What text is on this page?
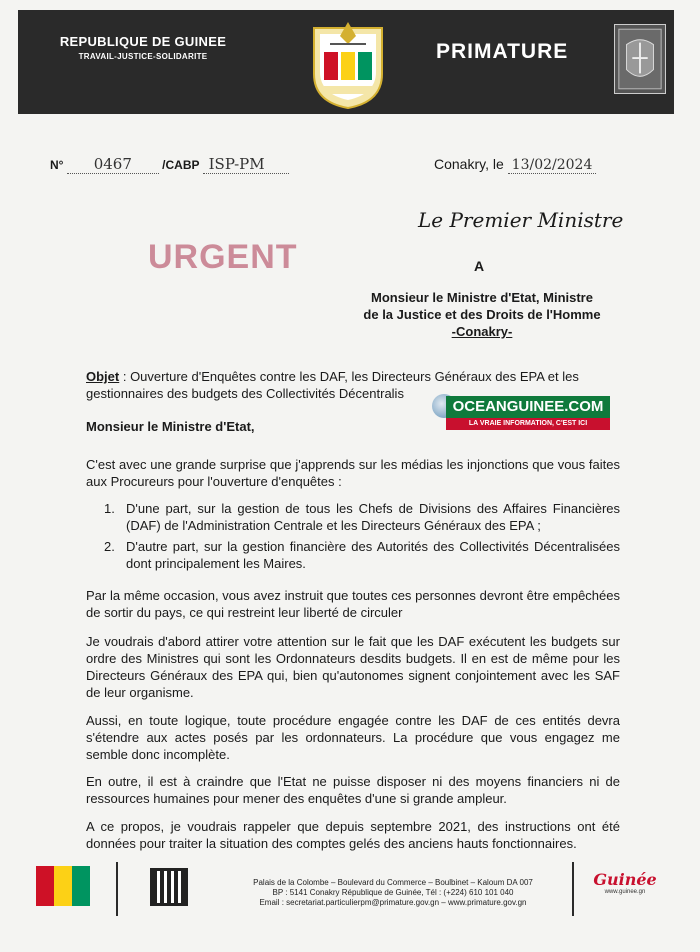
REPUBLIQUE DE GUINEE
TRAVAIL-JUSTICE-SOLIDARITE	PRIMATURE
N° 0467	/CABP ISP-PM	Conakry, le 13/02/2024
Le Premier Ministre
URGENT	A
Monsieur le Ministre d'Etat, Ministre
de la Justice et des Droits de l'Homme
-Conakry-
Objet : Ouverture d'Enquêtes contre les DAF, les Directeurs Généraux des EPA et les gestionnaires des budgets des Collectivités Décentralis
OCEANGUINEE.COM
LA VRAIE INFORMATION, C'EST ICI
Monsieur le Ministre d'Etat,
C'est avec une grande surprise que j'apprends sur les médias les injonctions que vous faites aux Procureurs pour l'ouverture d'enquêtes :
1. D'une part, sur la gestion de tous les Chefs de Divisions des Affaires Financières (DAF) de l'Administration Centrale et les Directeurs Généraux des EPA ;
2. D'autre part, sur la gestion financière des Autorités des Collectivités Décentralisées dont principalement les Maires.
Par la même occasion, vous avez instruit que toutes ces personnes devront être empêchées de sortir du pays, ce qui restreint leur liberté de circuler
Je voudrais d'abord attirer votre attention sur le fait que les DAF exécutent les budgets sur ordre des Ministres qui sont les Ordonnateurs desdits budgets. Il en est de même pour les Directeurs Généraux des EPA qui, bien qu'autonomes signent conjointement avec les SAF de leur organisme.
Aussi, en toute logique, toute procédure engagée contre les DAF de ces entités devra s'étendre aux actes posés par les ordonnateurs. La procédure que vous engagez me semble donc incomplète.
En outre, il est à craindre que l'Etat ne puisse disposer ni des moyens financiers ni de ressources humaines pour mener des enquêtes d'une si grande ampleur.
A ce propos, je voudrais rappeler que depuis septembre 2021, des instructions ont été données pour traiter la situation des comptes gelés des anciens hauts fonctionnaires.
Palais de la Colombe – Boulevard du Commerce – Boulbinet – Kaloum DA 007
BP : 5141 Conakry République de Guinée, Tél : (+224) 610 101 040
Email : secretariat.particulierpm@primature.gov.gn – www.primature.gov.gn
Guinée
www.guinee.gn
